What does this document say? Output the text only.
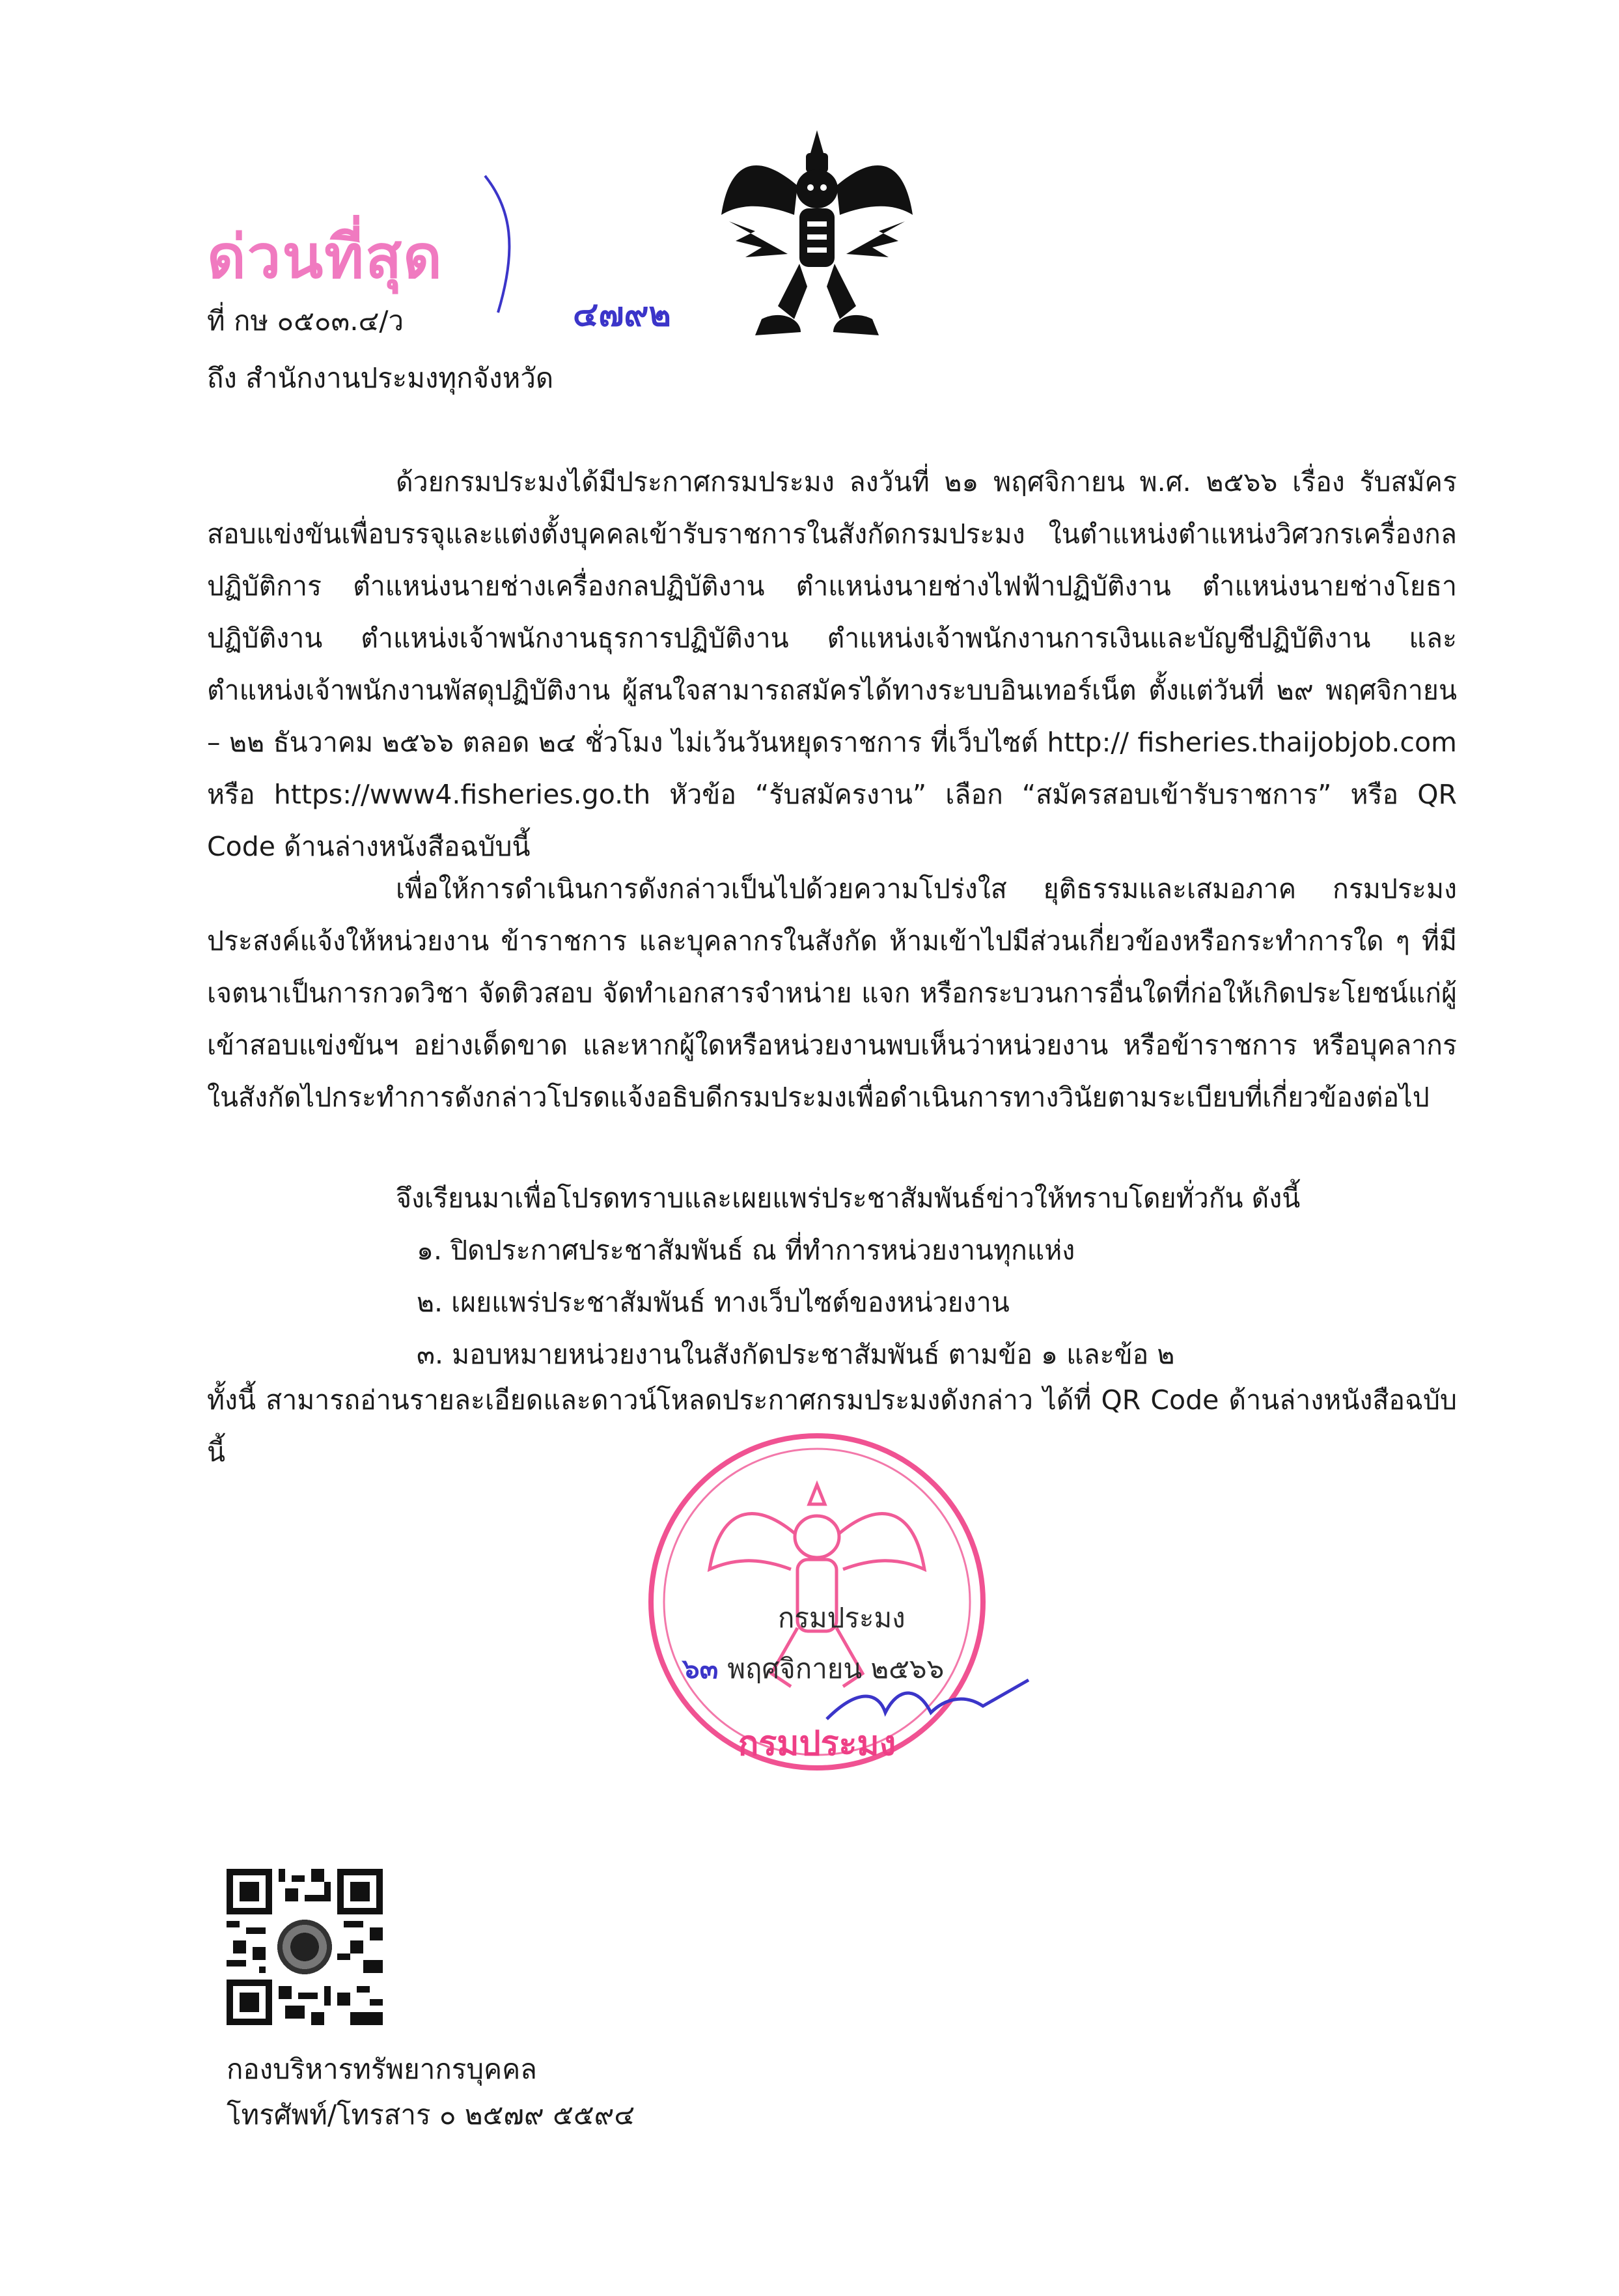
ด่วนที่สุด
ที่ กษ ๐๕๐๓.๔/ว	๔๗๙๒
ถึง สำนักงานประมงทุกจังหวัด
ด้วยกรมประมงได้มีประกาศกรมประมง ลงวันที่ ๒๑ พฤศจิกายน พ.ศ. ๒๕๖๖ เรื่อง รับสมัครสอบแข่งขันเพื่อบรรจุและแต่งตั้งบุคคลเข้ารับราชการในสังกัดกรมประมง ในตำแหน่งตำแหน่งวิศวกรเครื่องกลปฏิบัติการ ตำแหน่งนายช่างเครื่องกลปฏิบัติงาน ตำแหน่งนายช่างไฟฟ้าปฏิบัติงาน ตำแหน่งนายช่างโยธาปฏิบัติงาน ตำแหน่งเจ้าพนักงานธุรการปฏิบัติงาน ตำแหน่งเจ้าพนักงานการเงินและบัญชีปฏิบัติงาน และตำแหน่งเจ้าพนักงานพัสดุปฏิบัติงาน ผู้สนใจสามารถสมัครได้ทางระบบอินเทอร์เน็ต ตั้งแต่วันที่ ๒๙ พฤศจิกายน – ๒๒ ธันวาคม ๒๕๖๖ ตลอด ๒๔ ชั่วโมง ไม่เว้นวันหยุดราชการ ที่เว็บไซต์ http:// fisheries.thaijobjob.com หรือ https://www4.fisheries.go.th หัวข้อ “รับสมัครงาน” เลือก “สมัครสอบเข้ารับราชการ” หรือ QR Code ด้านล่างหนังสือฉบับนี้
เพื่อให้การดำเนินการดังกล่าวเป็นไปด้วยความโปร่งใส ยุติธรรมและเสมอภาค กรมประมงประสงค์แจ้งให้หน่วยงาน ข้าราชการ และบุคลากรในสังกัด ห้ามเข้าไปมีส่วนเกี่ยวข้องหรือกระทำการใด ๆ ที่มีเจตนาเป็นการกวดวิชา จัดติวสอบ จัดทำเอกสารจำหน่าย แจก หรือกระบวนการอื่นใดที่ก่อให้เกิดประโยชน์แก่ผู้เข้าสอบแข่งขันฯ อย่างเด็ดขาด และหากผู้ใดหรือหน่วยงานพบเห็นว่าหน่วยงาน หรือข้าราชการ หรือบุคลากรในสังกัดไปกระทำการดังกล่าวโปรดแจ้งอธิบดีกรมประมงเพื่อดำเนินการทางวินัยตามระเบียบที่เกี่ยวข้องต่อไป
จึงเรียนมาเพื่อโปรดทราบและเผยแพร่ประชาสัมพันธ์ข่าวให้ทราบโดยทั่วกัน ดังนี้
๑. ปิดประกาศประชาสัมพันธ์ ณ ที่ทำการหน่วยงานทุกแห่ง
๒. เผยแพร่ประชาสัมพันธ์ ทางเว็บไซต์ของหน่วยงาน
๓. มอบหมายหน่วยงานในสังกัดประชาสัมพันธ์ ตามข้อ ๑ และข้อ ๒
ทั้งนี้ สามารถอ่านรายละเอียดและดาวน์โหลดประกาศกรมประมงดังกล่าว ได้ที่ QR Code ด้านล่างหนังสือฉบับนี้
กรมประมง
กรมประมง
๖๓ พฤศจิกายน ๒๕๖๖
กองบริหารทรัพยากรบุคคล
โทรศัพท์/โทรสาร ๐ ๒๕๗๙ ๕๕๙๔
